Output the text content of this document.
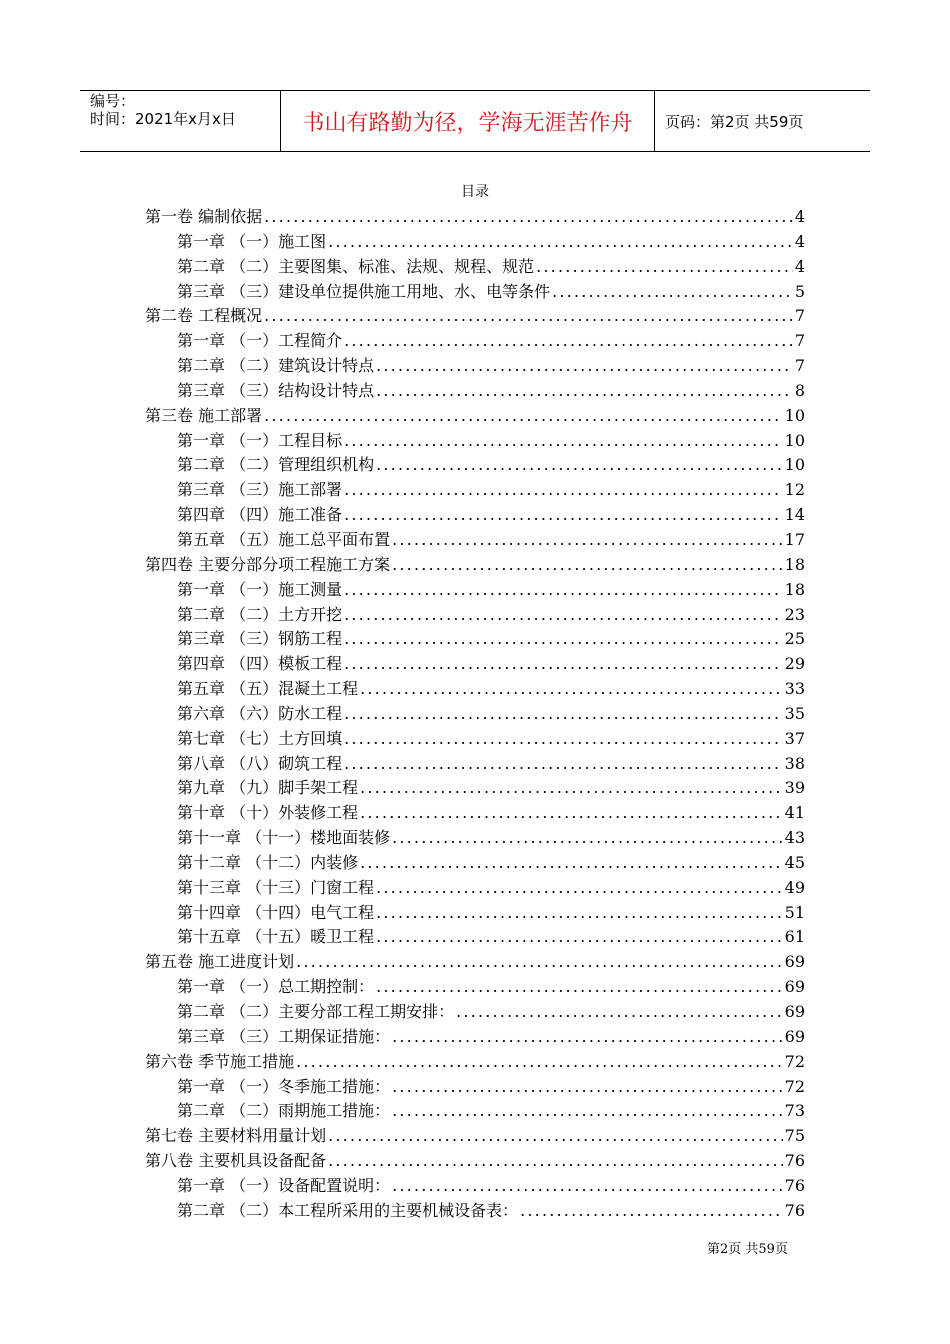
编号：
时间：2021年x月x日	书山有路勤为径，学海无涯苦作舟 页码：第2页 共59页
目录
第一卷 编制依据 .....	4
第一章 （一）施工图 .....	4
第二章 （二）主要图集、标准、法规、规程、规范 .....	4
第三章 （三）建设单位提供施工用地、水、电等条件 .....	5
第二卷 工程概况 .....	7
第一章 （一）工程简介 .....	7
第二章 （二）建筑设计特点 .....	7
第三章 （三）结构设计特点 .....	8
第三卷 施工部署 .....	10
第一章 （一）工程目标 .....	10
第二章 （二）管理组织机构 .....	10
第三章 （三）施工部署 .....	12
第四章 （四）施工准备 .....	14
第五章 （五）施工总平面布置 .....	17
第四卷 主要分部分项工程施工方案 .....	18
第一章 （一）施工测量 .....	18
第二章 （二）土方开挖 .....	23
第三章 （三）钢筋工程 .....	25
第四章 （四）模板工程 .....	29
第五章 （五）混凝土工程 .....	33
第六章 （六）防水工程 .....	35
第七章 （七）土方回填 .....	37
第八章 （八）砌筑工程 .....	38
第九章 （九）脚手架工程 .....	39
第十章 （十）外装修工程 .....	41
第十一章 （十一）楼地面装修 .....	43
第十二章 （十二）内装修 .....	45
第十三章 （十三）门窗工程 .....	49
第十四章 （十四）电气工程 .....	51
第十五章 （十五）暖卫工程 .....	61
第五卷 施工进度计划 .....	69
第一章 （一）总工期控制： .....	69
第二章 （二）主要分部工程工期安排： .....	69
第三章 （三）工期保证措施： .....	69
第六卷 季节施工措施 .....	72
第一章 （一）冬季施工措施： .....	72
第二章 （二）雨期施工措施： .....	73
第七卷 主要材料用量计划 .....	75
第八卷 主要机具设备配备 .....	76
第一章 （一）设备配置说明： .....	76
第二章 （二）本工程所采用的主要机械设备表： .....	76
第2页 共59页
